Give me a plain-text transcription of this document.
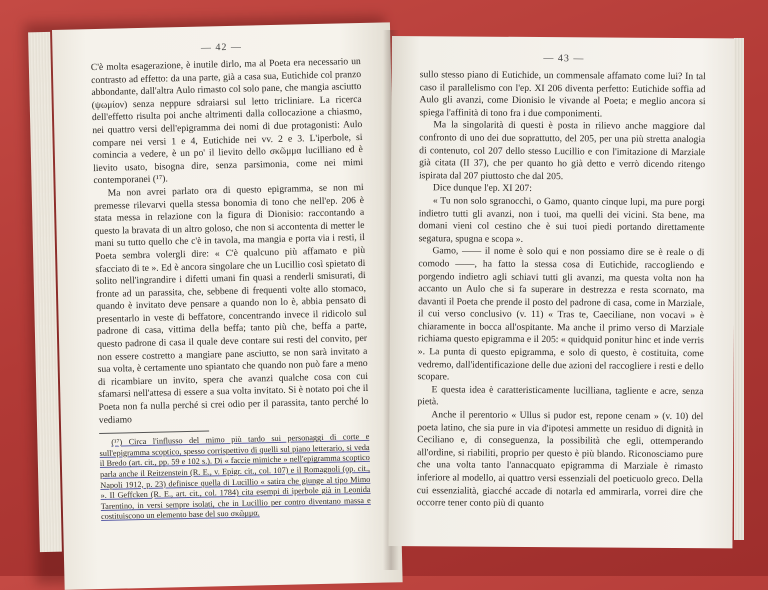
— 42 —

C'è molta esagerazione, è inutile dirlo, ma al Poeta era necessario un contrasto ad effetto: da una parte, già a casa sua, Eutichide col pranzo abbondante, dall'altra Aulo rimasto col solo pane, che mangia asciutto (ψωμίον) senza neppure sdraiarsi sul letto tricliniare. La ricerca dell'effetto risulta poi anche altrimenti dalla collocazione a chiasmo, nei quattro versi dell'epigramma dei nomi di due protagonisti: Aulo compare nei versi 1 e 4, Eutichide nei vv. 2 e 3. L'iperbole, si comincia a vedere, è un po' il lievito dello σκῶμμα lucilliano ed è lievito usato, bisogna dire, senza parsimonia, come nei mimi contemporanei (¹⁷).

Ma non avrei parlato ora di questo epigramma, se non mi premesse rilevarvi quella stessa bonomia di tono che nell'ep. 206 è stata messa in relazione con la figura di Dionisio: raccontando a questo la bravata di un altro goloso, che non si accontenta di metter le mani su tutto quello che c'è in tavola, ma mangia e porta via i resti, il Poeta sembra volergli dire: « C'è qualcuno più affamato e più sfacciato di te ». Ed è ancora singolare che un Lucillio così spietato di solito nell'ingrandire i difetti umani fin quasi a renderli smisurati, di fronte ad un parassita, che, sebbene di frequenti volte allo stomaco, quando è invitato deve pensare a quando non lo è, abbia pensato di presentarlo in veste di beffatore, concentrando invece il ridicolo sul padrone di casa, vittima della beffa; tanto più che, beffa a parte, questo padrone di casa il quale deve contare sui resti del convito, per non essere costretto a mangiare pane asciutto, se non sarà invitato a sua volta, è certamente uno spiantato che quando non può fare a meno di ricambiare un invito, spera che avanzi qualche cosa con cui sfamarsi nell'attesa di essere a sua volta invitato. Si è notato poi che il Poeta non fa nulla perché si crei odio per il parassita, tanto perché lo vediamo

(¹⁷) Circa l'influsso del mimo più tardo sui personaggi di corte e sull'epigramma scoptico, spesso corrispettivo di quelli sul piano letterario, si veda il Bredo (art. cit., pp. 59 e 102 s.). Di « faccie mimiche » nell'epigramma scoptico parla anche il Reitzenstein (R. E., v. Epigr. cit., col. 107) e il Romagnoli (op. cit., Napoli 1912, p. 23) definisce quella di Lucillio « satira che giunge al tipo Mimo ». Il Geffcken (R. E., art. cit., col. 1784) cita esempi di iperbole già in Leonida Tarentino, in versi sempre isolati, che in Lucillio per contro diventano massa e costituiscono un elemento base del suo σκῶμμα.

— 43 —

sullo stesso piano di Eutichide, un commensale affamato come lui? In tal caso il parallelismo con l'ep. XI 206 diventa perfetto: Eutichide soffia ad Aulo gli avanzi, come Dionisio le vivande al Poeta; e meglio ancora si spiega l'affinità di tono fra i due componimenti.

Ma la singolarità di questi è posta in rilievo anche maggiore dal confronto di uno dei due soprattutto, del 205, per una più stretta analogia di contenuto, col 207 dello stesso Lucillio e con l'imitazione di Marziale già citata (II 37), che per quanto ho già detto e verrò dicendo ritengo ispirata dal 207 piuttosto che dal 205.

Dice dunque l'ep. XI 207:

« Tu non solo sgranocchi, o Gamo, quanto cinque lupi, ma pure porgi indietro tutti gli avanzi, non i tuoi, ma quelli dei vicini. Sta bene, ma domani vieni col cestino che è sui tuoi piedi portando direttamente segatura, spugna e scopa ».

Gamo, —— il nome è solo qui e non possiamo dire se è reale o di comodo ——, ha fatto la stessa cosa di Eutichide, raccogliendo e porgendo indietro agli schiavi tutti gli avanzi, ma questa volta non ha accanto un Aulo che si fa superare in destrezza e resta scornato, ma davanti il Poeta che prende il posto del padrone di casa, come in Marziale, il cui verso conclusivo (v. 11) « Tras te, Caeciliane, non vocavi » è chiaramente in bocca all'ospitante. Ma anche il primo verso di Marziale richiama questo epigramma e il 205: « quidquid ponitur hinc et inde verris ». La punta di questo epigramma, e solo di questo, è costituita, come vedremo, dall'identificazione delle due azioni del raccogliere i resti e dello scopare.

E questa idea è caratteristicamente lucilliana, tagliente e acre, senza pietà.

Anche il perentorio « Ullus si pudor est, repone cenam » (v. 10) del poeta latino, che sia pure in via d'ipotesi ammette un residuo di dignità in Ceciliano e, di conseguenza, la possibilità che egli, ottemperando all'ordine, si riabiliti, proprio per questo è più blando. Riconosciamo pure che una volta tanto l'annacquato epigramma di Marziale è rimasto inferiore al modello, ai quattro versi essenziali del poeticuolo greco. Della cui essenzialità, giacché accade di notarla ed ammirarla, vorrei dire che occorre tener conto più di quanto
